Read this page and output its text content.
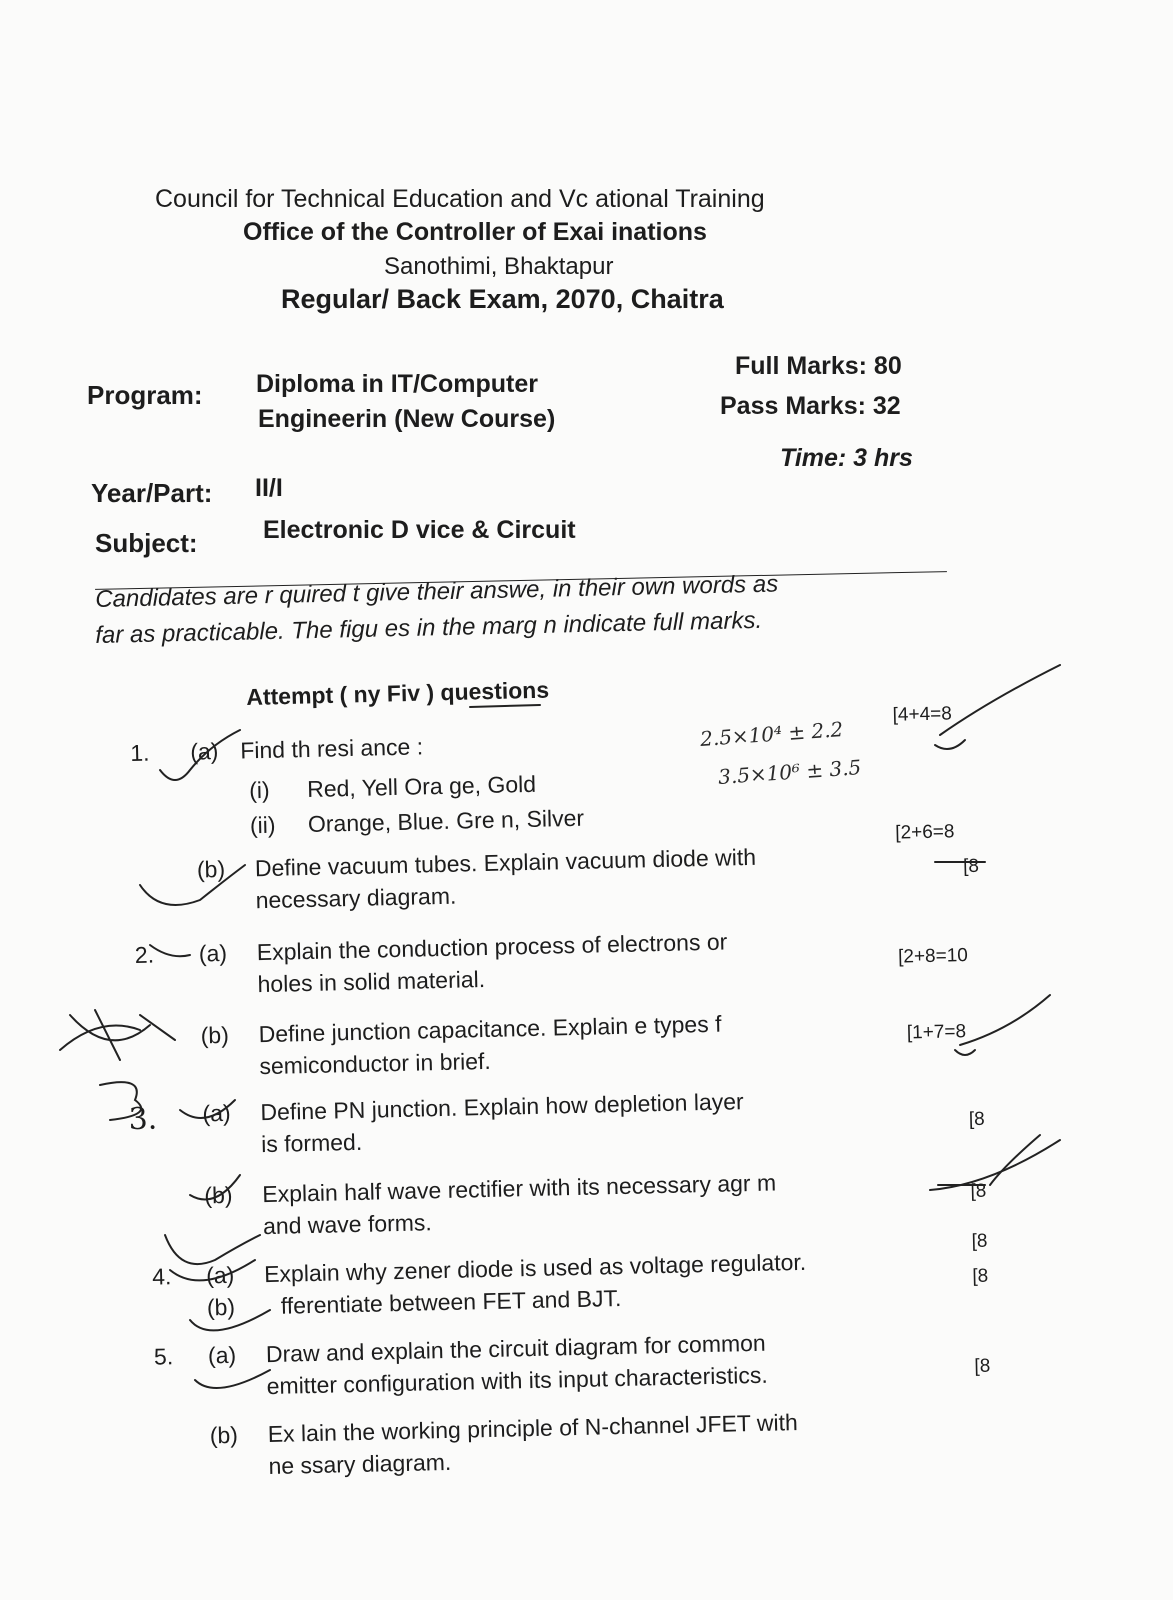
Council for Technical Education and Vc ational Training
Office of the Controller of Exai inations
Sanothimi, Bhaktapur
Regular/ Back Exam, 2070, Chaitra
Program: Diploma in IT/Computer
Engineerin (New Course)
Full Marks: 80
Pass Marks: 32
Time: 3 hrs
Year/Part: II/I
Subject:	Electronic D vice & Circuit
Candidates are r quired t give their answe, in their own words as
far as practicable. The figu es in the marg n indicate full marks.
Attempt ( ny Fiv ) questions
1. (a) Find th resi ance :
[4+4=8
(i) Red, Yell Ora ge, Gold
(ii) Orange, Blue. Gre n, Silver
(b) Define vacuum tubes. Explain vacuum diode with
[2+6=8
necessary diagram.
[8
2. (a) Explain the conduction process of electrons or
holes in solid material.
[2+8=10
(b) Define junction capacitance. Explain e types f
semiconductor in brief.
[1+7=8
3. (a) Define PN junction. Explain how depletion layer
is formed.
[8
(b) Explain half wave rectifier with its necessary agr m
and wave forms.
[8
4. (a) Explain why zener diode is used as voltage regulator.
[8
(b) fferentiate between FET and BJT.
[8
5. (a) Draw and explain the circuit diagram for common
emitter configuration with its input characteristics.	[8
(b) Ex lain the working principle of N-channel JFET with
ne ssary diagram.
2.5×10⁴ ± 2.2
3.5×10⁶ ± 3.5
